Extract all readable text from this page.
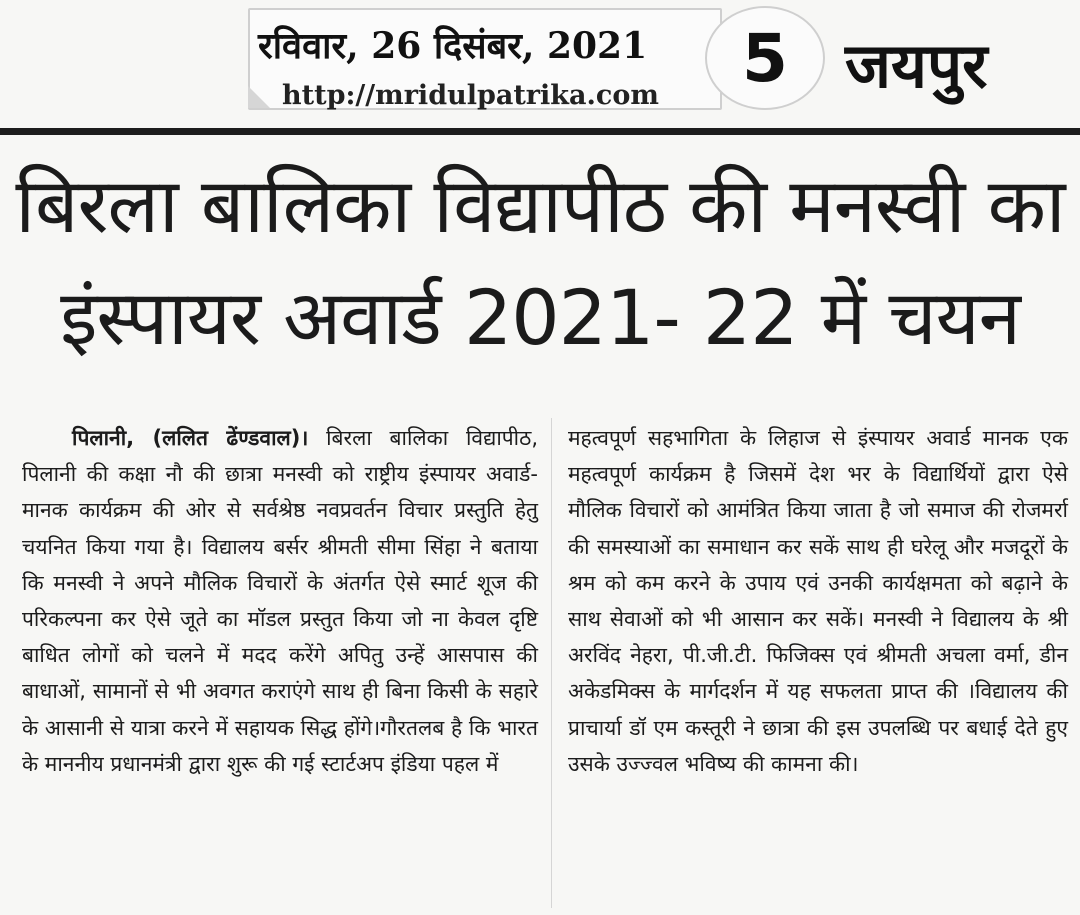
रविवार, 26 दिसंबर, 2021
http://mridulpatrika.com	5 जयपुर
बिरला बालिका विद्यापीठ की मनस्वी का
इंस्पायर अवार्ड 2021- 22 में चयन

पिलानी, (ललित ढेंण्डवाल)। बिरला बालिका विद्यापीठ, पिलानी की कक्षा नौ की छात्रा मनस्वी को राष्ट्रीय इंस्पायर अवार्ड-मानक कार्यक्रम की ओर से सर्वश्रेष्ठ नवप्रवर्तन विचार प्रस्तुति हेतु चयनित किया गया है। विद्यालय बर्सर श्रीमती सीमा सिंहा ने बताया कि मनस्वी ने अपने मौलिक विचारों के अंतर्गत ऐसे स्मार्ट शूज की परिकल्पना कर ऐसे जूते का मॉडल प्रस्तुत किया जो ना केवल दृष्टि बाधित लोगों को चलने में मदद करेंगे अपितु उन्हें आसपास की बाधाओं, सामानों से भी अवगत कराएंगे साथ ही बिना किसी के सहारे के आसानी से यात्रा करने में सहायक सिद्ध होंगे।गौरतलब है कि भारत के माननीय प्रधानमंत्री द्वारा शुरू की गई स्टार्टअप इंडिया पहल में

महत्वपूर्ण सहभागिता के लिहाज से इंस्पायर अवार्ड मानक एक महत्वपूर्ण कार्यक्रम है जिसमें देश भर के विद्यार्थियों द्वारा ऐसे मौलिक विचारों को आमंत्रित किया जाता है जो समाज की रोजमर्रा की समस्याओं का समाधान कर सकें साथ ही घरेलू और मजदूरों के श्रम को कम करने के उपाय एवं उनकी कार्यक्षमता को बढ़ाने के साथ सेवाओं को भी आसान कर सकें। मनस्वी ने विद्यालय के श्री अरविंद नेहरा, पी.जी.टी. फिजिक्स एवं श्रीमती अचला वर्मा, डीन अकेडमिक्स के मार्गदर्शन में यह सफलता प्राप्त की ।विद्यालय की प्राचार्या डॉ एम कस्तूरी ने छात्रा की इस उपलब्धि पर बधाई देते हुए उसके उज्ज्वल भविष्य की कामना की।
